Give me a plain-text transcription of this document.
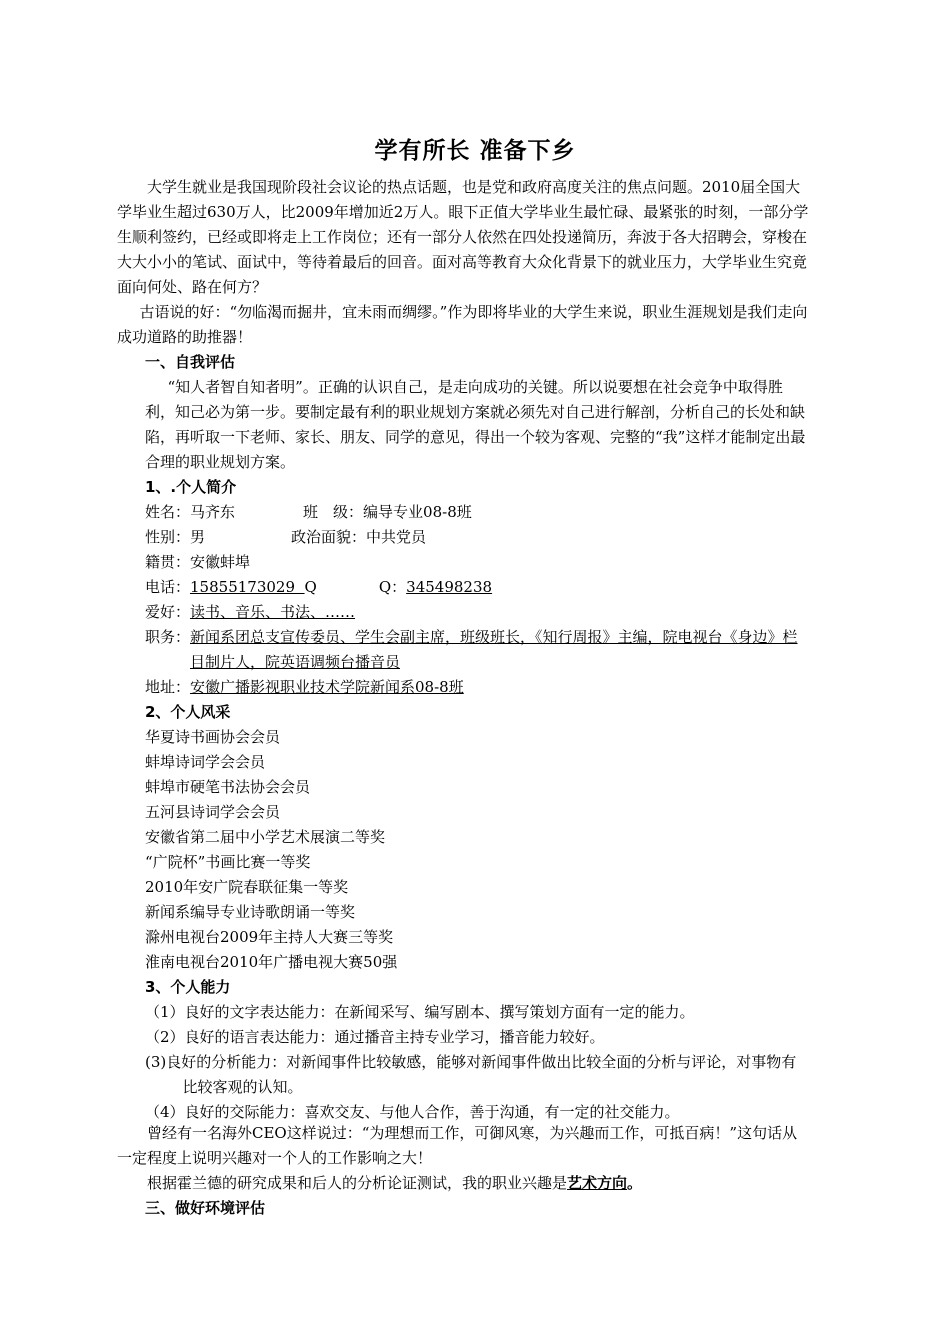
学有所长 准备下乡

大学生就业是我国现阶段社会议论的热点话题，也是党和政府高度关注的焦点问题。2010届全国大学毕业生超过630万人，比2009年增加近2万人。眼下正值大学毕业生最忙碌、最紧张的时刻，一部分学生顺利签约，已经或即将走上工作岗位；还有一部分人依然在四处投递简历，奔波于各大招聘会，穿梭在大大小小的笔试、面试中，等待着最后的回音。面对高等教育大众化背景下的就业压力，大学毕业生究竟面向何处、路在何方？

古语说的好：“勿临渴而掘井，宜未雨而绸缪。”作为即将毕业的大学生来说，职业生涯规划是我们走向成功道路的助推器！

一、自我评估

“知人者智自知者明”。正确的认识自己，是走向成功的关键。所以说要想在社会竞争中取得胜利，知己必为第一步。要制定最有利的职业规划方案就必须先对自己进行解剖，分析自己的长处和缺陷，再听取一下老师、家长、朋友、同学的意见，得出一个较为客观、完整的“我”这样才能制定出最合理的职业规划方案。

1、.个人简介

姓名：马齐东	班　级：编导专业08-8班

性别：男	政治面貌：中共党员

籍贯：安徽蚌埠

电话：15855173029 Q	Q：345498238

爱好：读书、音乐、书法、……

职务：新闻系团总支宣传委员、学生会副主席，班级班长，《知行周报》主编，院电视台《身边》栏目制片人，院英语调频台播音员

地址：安徽广播影视职业技术学院新闻系08-8班

2、个人风采

华夏诗书画协会会员

蚌埠诗词学会会员

蚌埠市硬笔书法协会会员

五河县诗词学会会员

安徽省第二届中小学艺术展演二等奖

“广院杯”书画比赛一等奖

2010年安广院春联征集一等奖

新闻系编导专业诗歌朗诵一等奖

滁州电视台2009年主持人大赛三等奖

淮南电视台2010年广播电视大赛50强

3、个人能力

（1）良好的文字表达能力：在新闻采写、编写剧本、撰写策划方面有一定的能力。

（2）良好的语言表达能力：通过播音主持专业学习，播音能力较好。

(3)良好的分析能力：对新闻事件比较敏感，能够对新闻事件做出比较全面的分析与评论，对事物有比较客观的认知。

（4）良好的交际能力：喜欢交友、与他人合作，善于沟通，有一定的社交能力。

曾经有一名海外CEO这样说过：“为理想而工作，可御风寒，为兴趣而工作，可抵百病！”这句话从一定程度上说明兴趣对一个人的工作影响之大！

根据霍兰德的研究成果和后人的分析论证测试，我的职业兴趣是艺术方向。

三、做好环境评估
